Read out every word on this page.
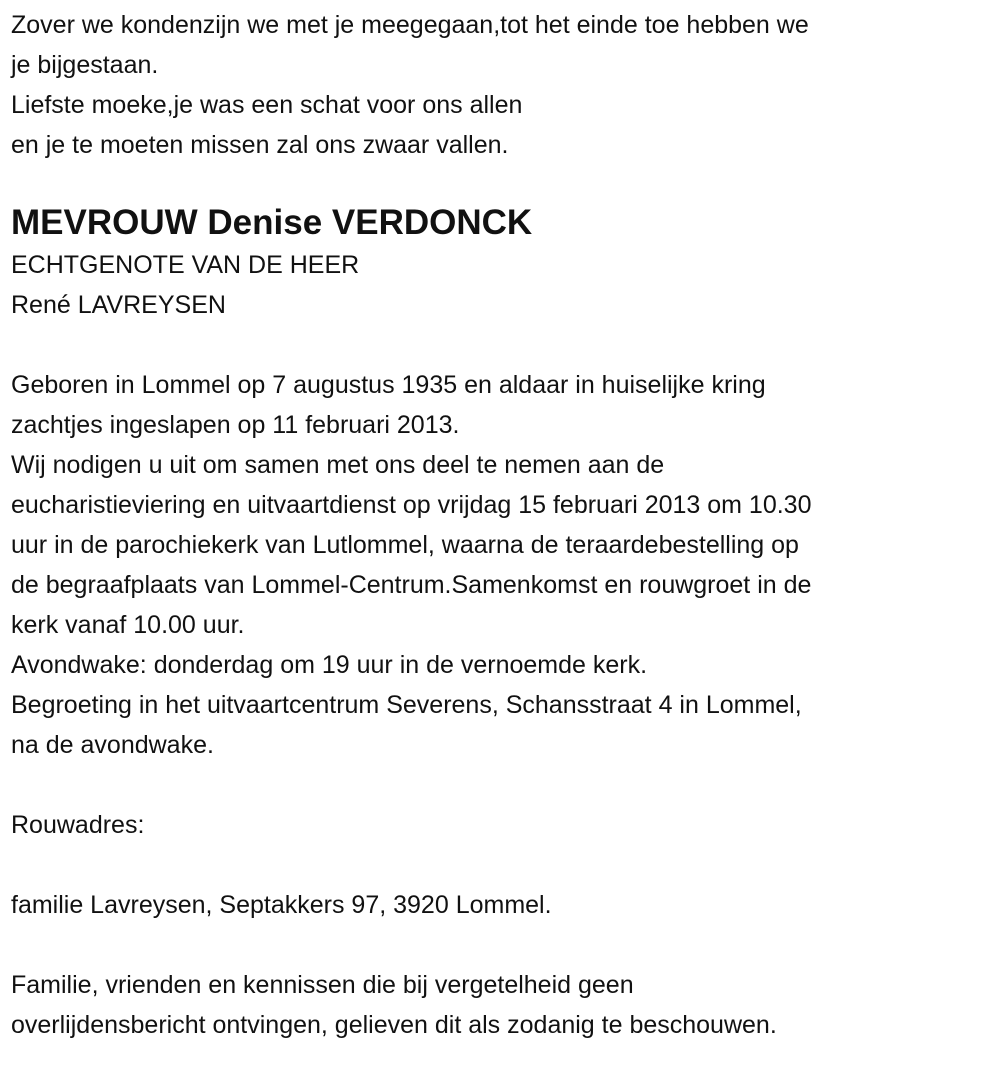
Zover we kondenzijn we met je meegegaan,tot het einde toe hebben we
je bijgestaan.
Liefste moeke,je was een schat voor ons allen
en je te moeten missen zal ons zwaar vallen.
MEVROUW Denise VERDONCK
ECHTGENOTE VAN DE HEER
René LAVREYSEN
Geboren in Lommel op 7 augustus 1935 en aldaar in huiselijke kring
zachtjes ingeslapen op 11 februari 2013.
Wij nodigen u uit om samen met ons deel te nemen aan de
eucharistieviering en uitvaartdienst op vrijdag 15 februari 2013 om 10.30
uur in de parochiekerk van Lutlommel, waarna de teraardebestelling op
de begraafplaats van Lommel-Centrum.Samenkomst en rouwgroet in de
kerk vanaf 10.00 uur.
Avondwake: donderdag om 19 uur in de vernoemde kerk.
Begroeting in het uitvaartcentrum Severens, Schansstraat 4 in Lommel,
na de avondwake.
Rouwadres:
familie Lavreysen, Septakkers 97, 3920 Lommel.
Familie, vrienden en kennissen die bij vergetelheid geen
overlijdensbericht ontvingen, gelieven dit als zodanig te beschouwen.
